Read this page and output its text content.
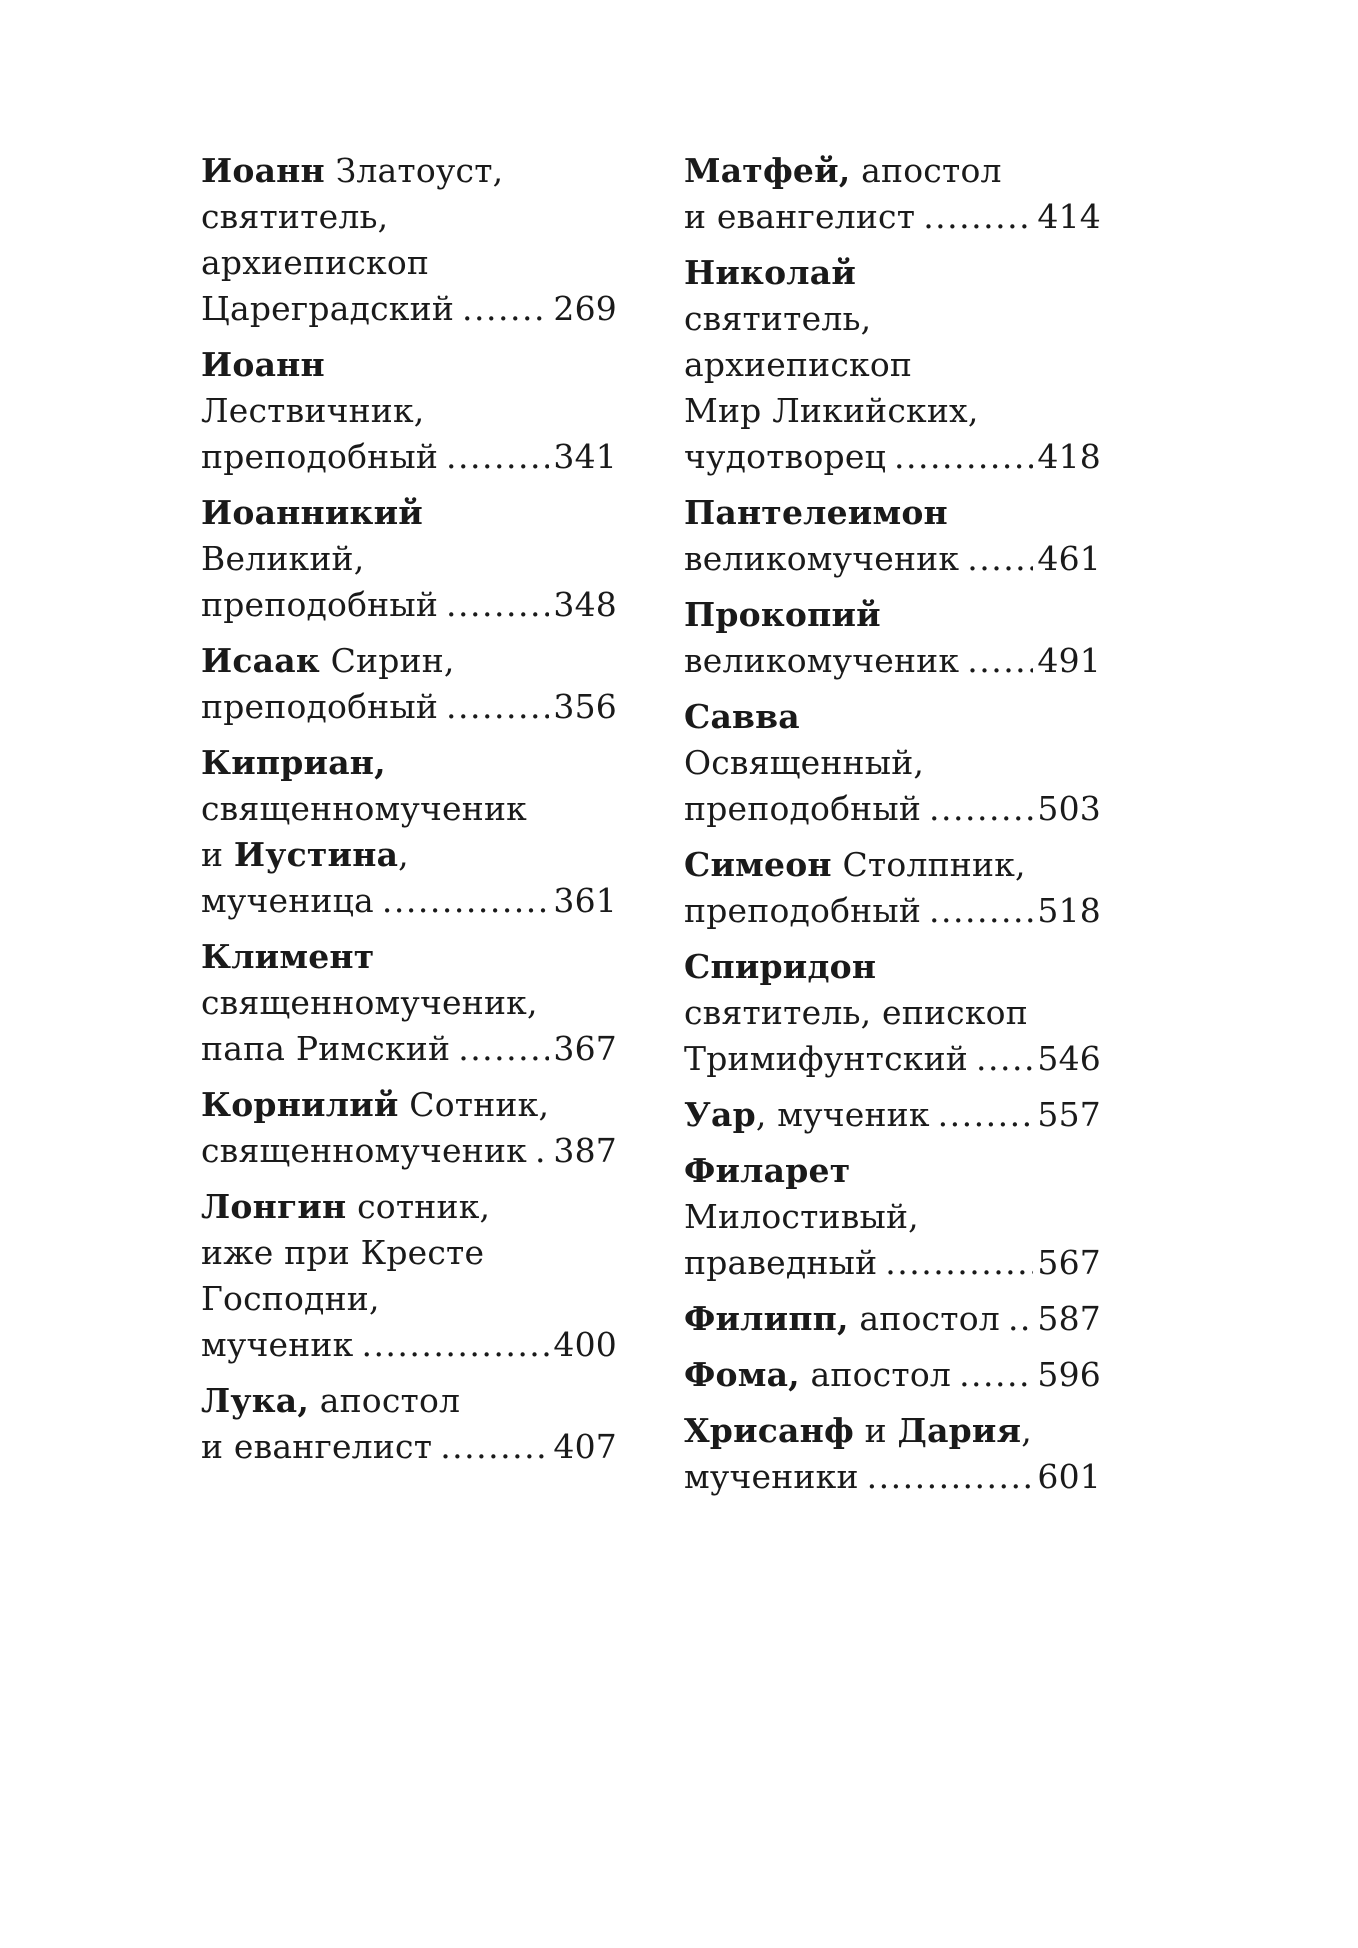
Иоанн Златоуст,
святитель,
архиепископ
Цареградский .....	269
Иоанн
Лествичник,
преподобный .....	341
Иоанникий
Великий,
преподобный .....	348
Исаак Сирин,
преподобный .....	356
Киприан,
священномученик
и Иустина,
мученица .....	361
Климент
священномученик,
папа Римский .....	367
Корнилий Сотник,
священномученик ..... 387
Лонгин сотник,
иже при Кресте
Господни,
мученик .....	400
Лука, апостол
и евангелист .....	407
Матфей, апостол
и евангелист .....	414
Николай
святитель,
архиепископ
Мир Ликийских,
чудотворец .....	418
Пантелеимон
великомученик ..... 461
Прокопий
великомученик ..... 491
Савва
Освященный,
преподобный .....	503
Симеон Столпник,
преподобный .....	518
Спиридон
святитель, епископ
Тримифунтский ..... 546
Уар, мученик .....	557
Филарет
Милостивый,
праведный .....	567
Филипп, апостол ..... 587
Фома, апостол .....	596
Хрисанф и Дария,
мученики .....	601
